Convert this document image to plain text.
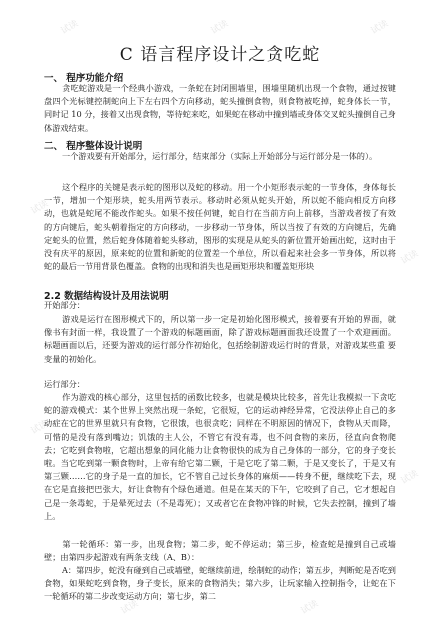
试读	试读	试读
试读
试读
试读
试读
试读	试读
C 语言程序设计之贪吃蛇
一、 程序功能介绍
贪吃蛇游戏是一个经典小游戏，一条蛇在封闭围墙里，围墙里随机出现一个食物，通过按键盘四个光标键控制蛇向上下左右四个方向移动，蛇头撞倒食物，则食物被吃掉，蛇身体长一节，同时记 10 分，接着又出现食物，等待蛇来吃，如果蛇在移动中撞到墙或身体交叉蛇头撞倒自己身体游戏结束。
二、 程序整体设计说明
一个游戏要有开始部分，运行部分，结束部分（实际上开始部分与运行部分是一体的）。
这个程序的关键是表示蛇的图形以及蛇的移动。用一个小矩形表示蛇的一节身体，身体每长一节，增加一个矩形块，蛇头用两节表示。移动时必须从蛇头开始，所以蛇不能向相反方向移动，也就是蛇尾不能改作蛇头。如果不按任何键，蛇自行在当前方向上前移，当游戏者按了有效的方向键后，蛇头朝着指定的方向移动，一步移动一节身体，所以当按了有效的方向键后，先确定蛇头的位置，然后蛇身体随着蛇头移动，图形的实现是从蛇头的新位置开始画出蛇，这时由于没有庆平的原因，原来蛇的位置和新蛇的位置差一个单位，所以看起来社会多一节身体，所以将蛇的最后一节用背景色覆盖。食物的出现和消失也是画矩形块和覆盖矩形块
2.2 数据结构设计及用法说明
开始部分：
游戏是运行在图形模式下的，所以第一步一定是初始化图形模式，接着要有开始的界面，就像书有封面一样，我设置了一个游戏的标题画面，除了游戏标题画面我还设置了一个欢迎画面。标题画面以后，还要为游戏的运行部分作初始化，包括绘制游戏运行时的背景，对游戏某些重 要变量的初始化。
运行部分：
作为游戏的核心部分，这里包括的函数比较多，也就是模块比较多，首先让我模拟一下贪吃蛇的游戏模式：某个世界上突然出现一条蛇，它很短，它的运动神经异常，它没法停止自己的多动症在它的世界里就只有食物，它很饿，也很贪吃；同样在不明原因的情况下，食物从天而降，可惜的是没有落到嘴边；饥饿的主人公，不管它有没有毒，也不问食物的来历，径直向食物爬去；它吃到食物啦，它超出想象的同化能力让食物很快的成为自己身体的一部分，它的身子变长啦。当它吃到第一颗食物时，上帝有给它第二颗，于是它吃了第二颗，于是又变长了，于是又有第三颗……它的身子是一直的加长，它不管自己过长身体的麻烦——转身不便，继续吃下去，现在它是直接把巴张大，好让食物有个绿色通道。但是在某天的下午，它咬到了自己，它才想起自己是一条毒蛇，于是晕死过去（不是毒死）；又或者它在食物冲锋的时候，它失去控制，撞到了墙上。
第一轮循环：第一步，出现食物；第二步，蛇不停运动；第三步，检查蛇是撞到自己或墙壁；由第四步起游戏有两条支线（A、B）：
A：第四步，蛇没有碰到自己或墙壁，蛇继续前进，绘制蛇的动作；第五步，判断蛇是否吃到食物，如果蛇吃到食物，身子变长，原来的食物消失；第六步，让玩家输入控制指令，让蛇在下一轮循环的第二步改变运动方向；第七步，第二
